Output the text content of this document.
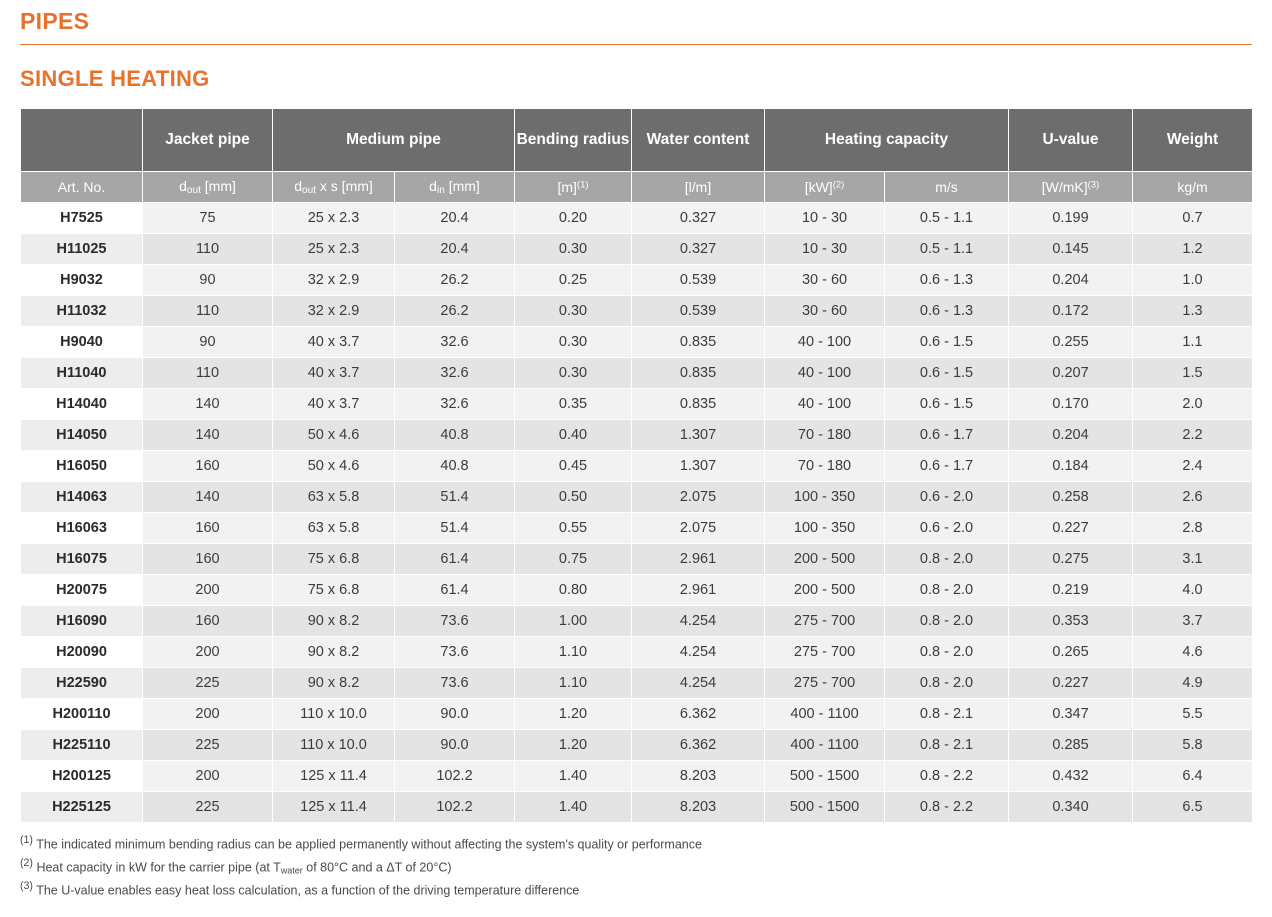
PIPES
SINGLE HEATING
	Jacket pipe	Medium pipe		Bending radius	Water content	Heating capacity		U-value	Weight
Art. No.	$d_{out}$ [mm]	$d_{out}$ x s [mm]	$d_{in}$ [mm]	$[m]^{(1)}$	[l/m]	[kW]$^{(2)}$	m/s	$[W/mK]^{(3)}$	kg/m
H7525	75	25 x 2.3	20.4	0.20	0.327	10 - 30	0.5 - 1.1	0.199	0.7
H11025	110	25 x 2.3	20.4	0.30	0.327	10 - 30	0.5 - 1.1	0.145	1.2
H9032	90	32 x 2.9	26.2	0.25	0.539	30 - 60	0.6 - 1.3	0.204	1.0
H11032	110	32 x 2.9	26.2	0.30	0.539	30 - 60	0.6 - 1.3	0.172	1.3
H9040	90	40 x 3.7	32.6	0.30	0.835	40 - 100	0.6 - 1.5	0.255	1.1
H11040	110	40 x 3.7	32.6	0.30	0.835	40 - 100	0.6 - 1.5	0.207	1.5
H14040	140	40 x 3.7	32.6	0.35	0.835	40 - 100	0.6 - 1.5	0.170	2.0
H14050	140	50 x 4.6	40.8	0.40	1.307	70 - 180	0.6 - 1.7	0.204	2.2
H16050	160	50 x 4.6	40.8	0.45	1.307	70 - 180	0.6 - 1.7	0.184	2.4
H14063	140	63 x 5.8	51.4	0.50	2.075	100 - 350	0.6 - 2.0	0.258	2.6
H16063	160	63 x 5.8	51.4	0.55	2.075	100 - 350	0.6 - 2.0	0.227	2.8
H16075	160	75 x 6.8	61.4	0.75	2.961	200 - 500	0.8 - 2.0	0.275	3.1
H20075	200	75 x 6.8	61.4	0.80	2.961	200 - 500	0.8 - 2.0	0.219	4.0
H16090	160	90 x 8.2	73.6	1.00	4.254	275 - 700	0.8 - 2.0	0.353	3.7
H20090	200	90 x 8.2	73.6	1.10	4.254	275 - 700	0.8 - 2.0	0.265	4.6
H22590	225	90 x 8.2	73.6	1.10	4.254	275 - 700	0.8 - 2.0	0.227	4.9
H200110	200	110 x 10.0	90.0	1.20	6.362	400 - 1100	0.8 - 2.1	0.347	5.5
H225110	225	110 x 10.0	90.0	1.20	6.362	400 - 1100	0.8 - 2.1	0.285	5.8
H200125	200	125 x 11.4	102.2	1.40	8.203	500 - 1500	0.8 - 2.2	0.432	6.4
H225125	225	125 x 11.4	102.2	1.40	8.203	500 - 1500	0.8 - 2.2	0.340	6.5
$^{(1)}$ The indicated minimum bending radius can be applied permanently without affecting the system's quality or performance
$^{(2)}$ Heat capacity in kW for the carrier pipe (at $T_{water}$ of 80°C and a ΔT of 20°C)
$^{(3)}$ The U-value enables easy heat loss calculation, as a function of the driving temperature difference
